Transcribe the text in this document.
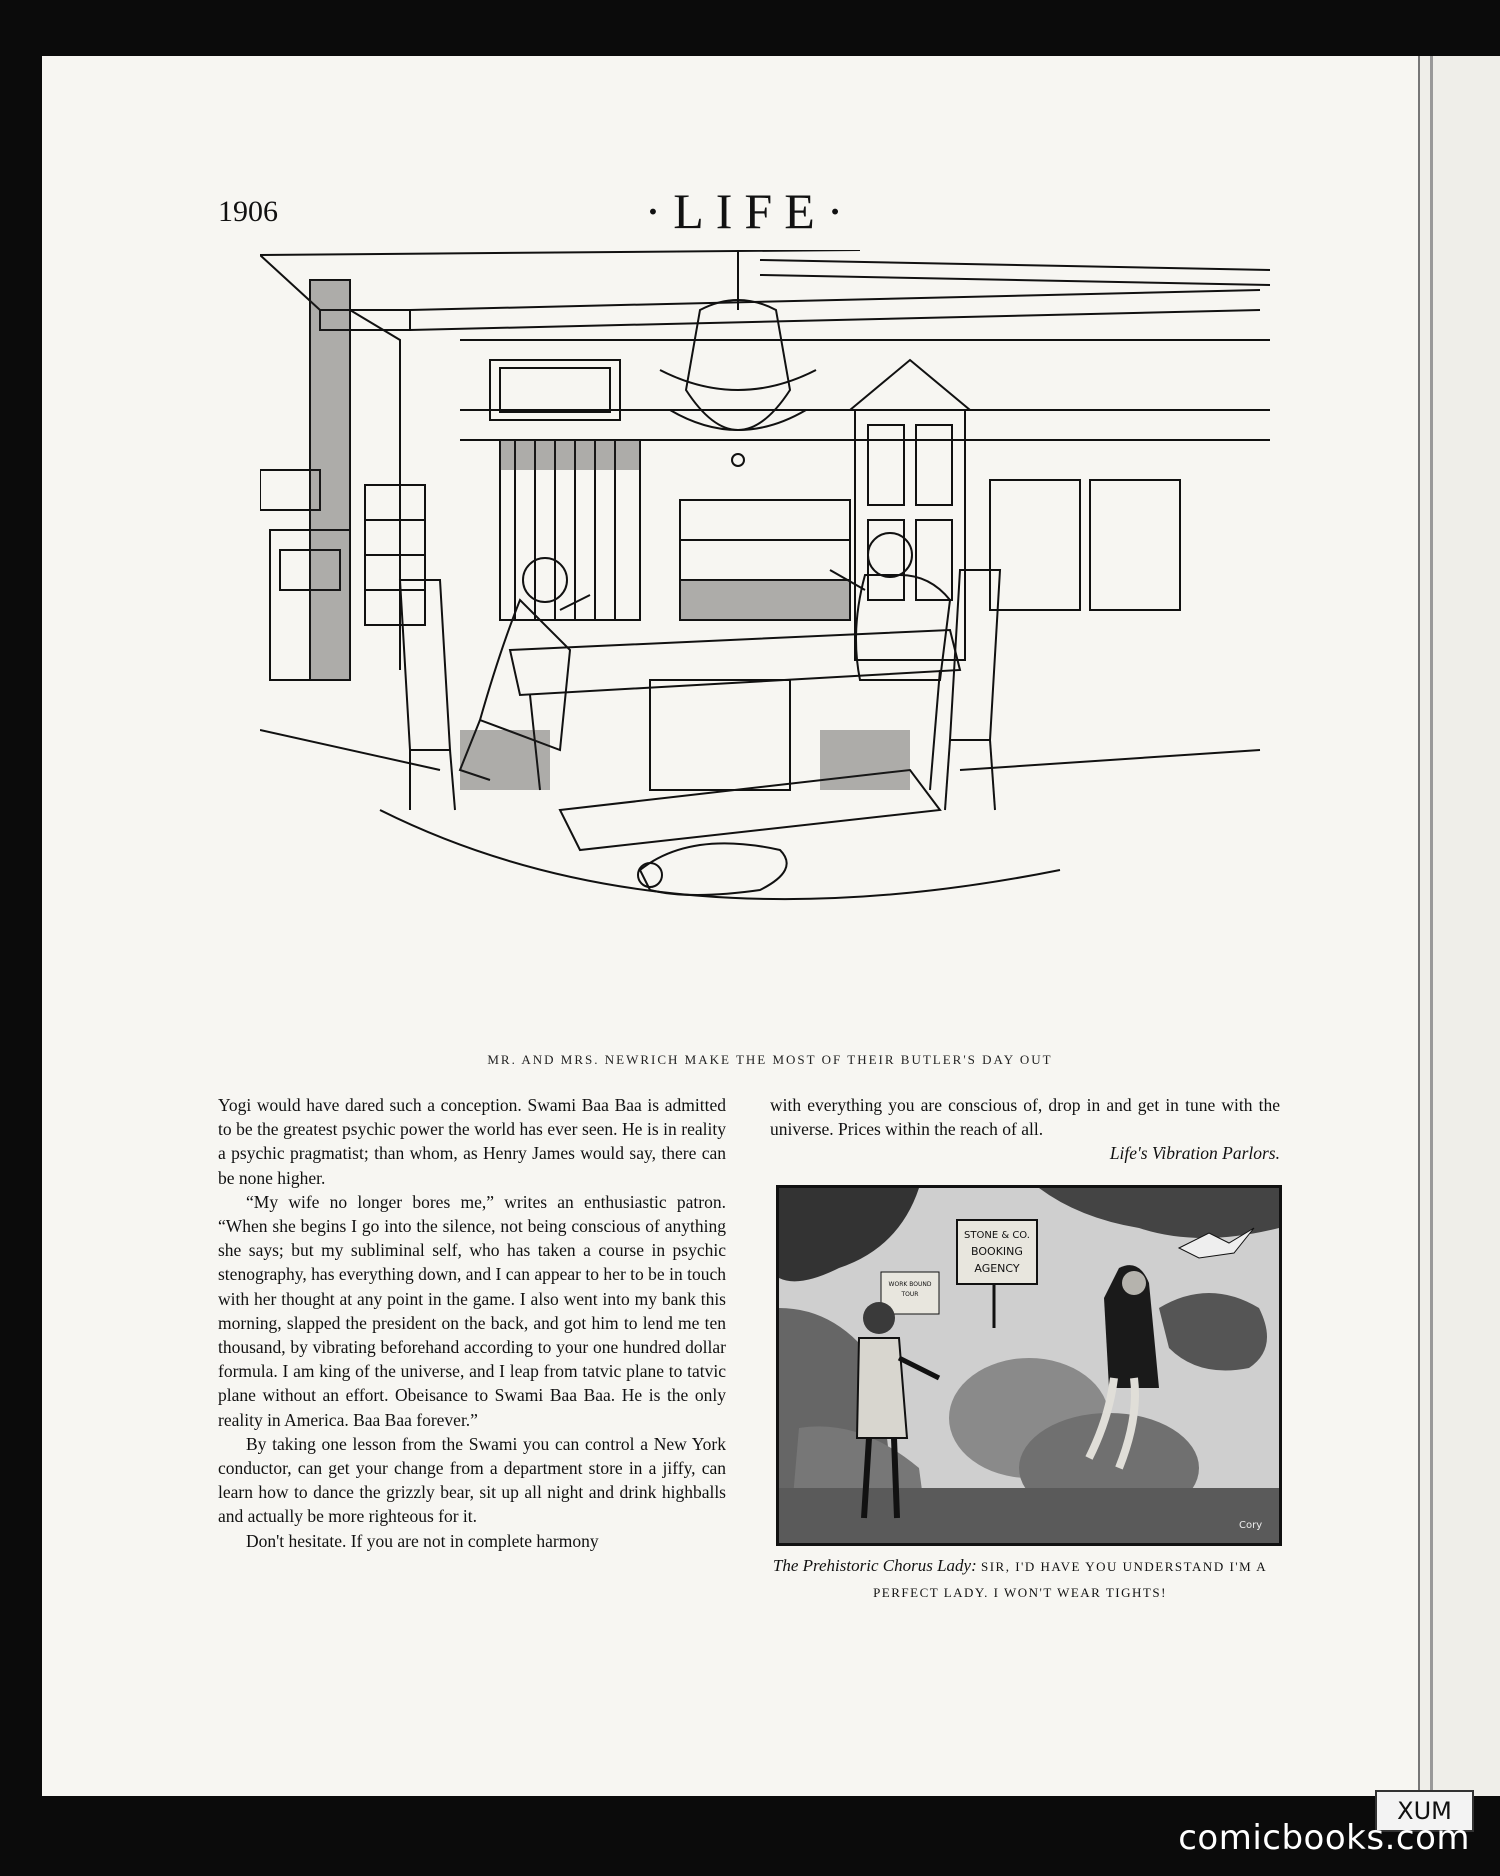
1906	·LIFE·
MR. AND MRS. NEWRICH MAKE THE MOST OF THEIR BUTLER'S DAY OUT

Yogi would have dared such a conception. Swami Baa Baa is admitted to be the greatest psychic power the world has ever seen. He is in reality a psychic pragmatist; than whom, as Henry James would say, there can be none higher.

“My wife no longer bores me,” writes an enthusiastic patron. “When she begins I go into the silence, not being conscious of anything she says; but my subliminal self, who has taken a course in psychic stenography, has everything down, and I can appear to her to be in touch with her thought at any point in the game. I also went into my bank this morning, slapped the president on the back, and got him to lend me ten thousand, by vibrating beforehand according to your one hundred dollar formula. I am king of the universe, and I leap from tatvic plane to tatvic plane without an effort. Obeisance to Swami Baa Baa. He is the only reality in America. Baa Baa forever.”

By taking one lesson from the Swami you can control a New York conductor, can get your change from a department store in a jiffy, can learn how to dance the grizzly bear, sit up all night and drink highballs and actually be more righteous for it.

Don't hesitate. If you are not in complete harmony

with everything you are conscious of, drop in and get in tune with the universe. Prices within the reach of all.

Life's Vibration Parlors.

STONE & CO.
BOOKING
AGENCY
WORK BOUND
TOUR
Cory
The Prehistoric Chorus Lady: SIR, I'D HAVE YOU UNDERSTAND I'M A PERFECT LADY. I WON'T WEAR TIGHTS!
XUM
comicbooks.com
